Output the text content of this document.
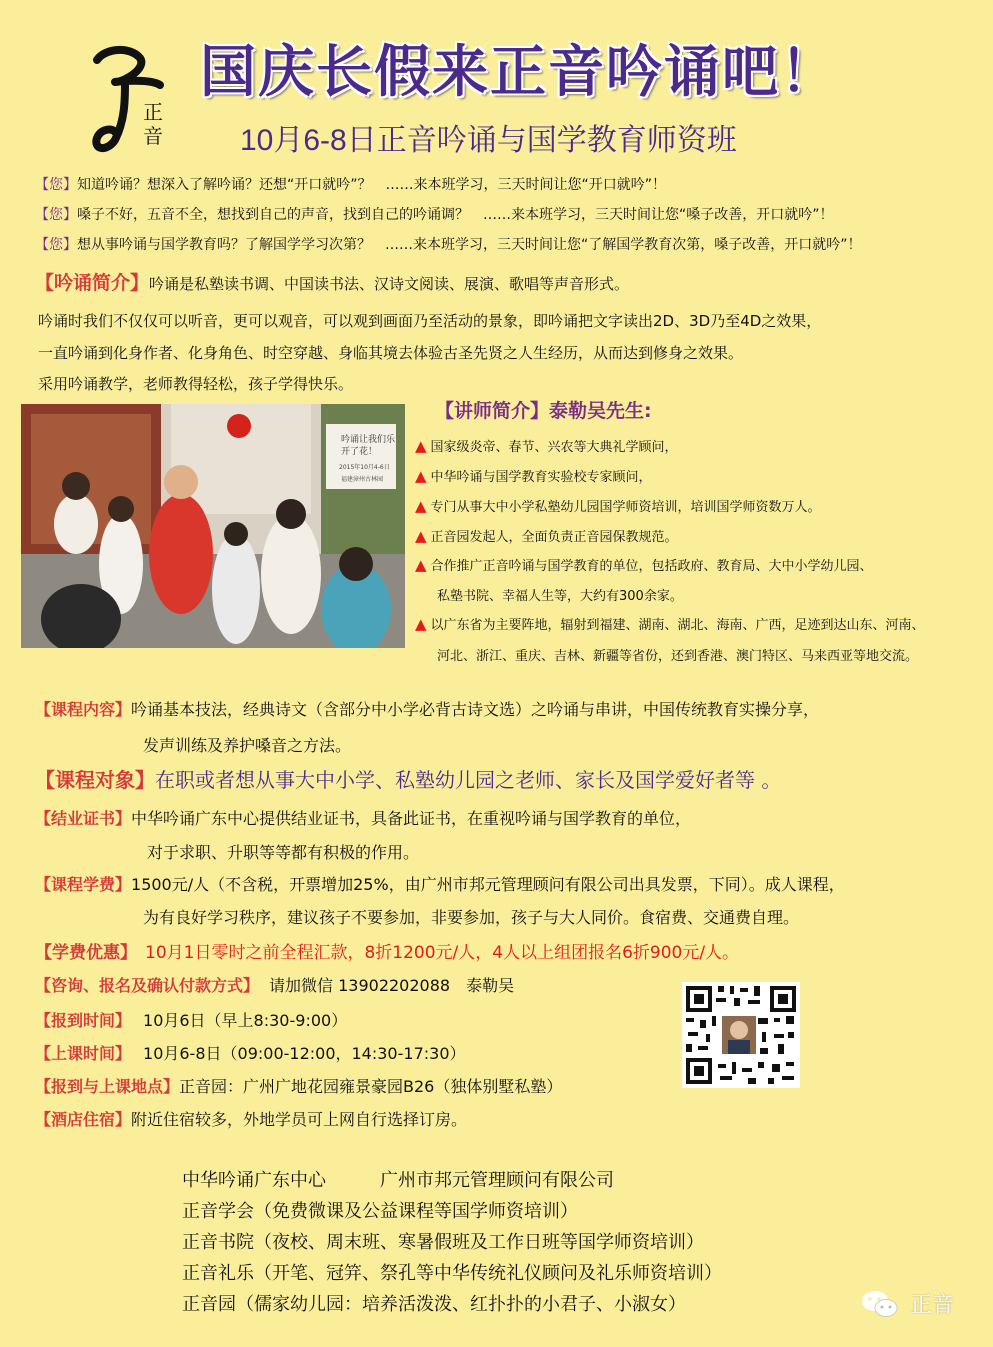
正音
国庆长假来正音吟诵吧！
10月6-8日正音吟诵与国学教育师资班
【您】知道吟诵？想深入了解吟诵？还想“开口就吟”？　……来本班学习，三天时间让您“开口就吟”！
【您】嗓子不好，五音不全，想找到自己的声音，找到自己的吟诵调？　……来本班学习，三天时间让您“嗓子改善，开口就吟”！
【您】想从事吟诵与国学教育吗？了解国学学习次第？　……来本班学习，三天时间让您“了解国学教育次第，嗓子改善，开口就吟”！
【吟诵简介】吟诵是私塾读书调、中国读书法、汉诗文阅读、展演、歌唱等声音形式。
吟诵时我们不仅仅可以听音，更可以观音，可以观到画面乃至活动的景象，即吟诵把文字读出2D、3D乃至4D之效果，
一直吟诵到化身作者、化身角色、时空穿越、身临其境去体验古圣先贤之人生经历，从而达到修身之效果。
采用吟诵教学，老师教得轻松，孩子学得快乐。
吟诵让我们乐开了花！
2015年10月4-6日
福建漳州古林园
【讲师简介】泰勒吴先生:
▲ 国家级炎帝、春节、兴农等大典礼学顾问，
▲ 中华吟诵与国学教育实验校专家顾问，
▲ 专门从事大中小学私塾幼儿园国学师资培训，培训国学师资数万人。
▲ 正音园发起人，全面负责正音园保教规范。
▲ 合作推广正音吟诵与国学教育的单位，包括政府、教育局、大中小学幼儿园、
私塾书院、幸福人生等，大约有300余家。
▲ 以广东省为主要阵地，辐射到福建、湖南、湖北、海南、广西，足迹到达山东、河南、
河北、浙江、重庆、吉林、新疆等省份，还到香港、澳门特区、马来西亚等地交流。
【课程内容】吟诵基本技法，经典诗文（含部分中小学必背古诗文选）之吟诵与串讲，中国传统教育实操分享，
发声训练及养护嗓音之方法。
【课程对象】在职或者想从事大中小学、私塾幼儿园之老师、家长及国学爱好者等 。
【结业证书】中华吟诵广东中心提供结业证书，具备此证书，在重视吟诵与国学教育的单位，
对于求职、升职等等都有积极的作用。
【课程学费】1500元/人（不含税，开票增加25%，由广州市邦元管理顾问有限公司出具发票，下同）。成人课程，
为有良好学习秩序，建议孩子不要参加，非要参加，孩子与大人同价。食宿费、交通费自理。
【学费优惠】 10月1日零时之前全程汇款，8折1200元/人，4人以上组团报名6折900元/人。
【咨询、报名及确认付款方式】 请加微信 13902202088　泰勒吴
【报到时间】 10月6日（早上8:30-9:00）
【上课时间】 10月6-8日（09:00-12:00，14:30-17:30）
【报到与上课地点】正音园：广州广地花园雍景豪园B26（独体别墅私塾）
【酒店住宿】附近住宿较多，外地学员可上网自行选择订房。
中华吟诵广东中心　　　广州市邦元管理顾问有限公司
正音学会（免费微课及公益课程等国学师资培训）
正音书院（夜校、周末班、寒暑假班及工作日班等国学师资培训）
正音礼乐（开笔、冠笄、祭孔等中华传统礼仪顾问及礼乐师资培训）
正音园（儒家幼儿园：培养活泼泼、红扑扑的小君子、小淑女）	正音
